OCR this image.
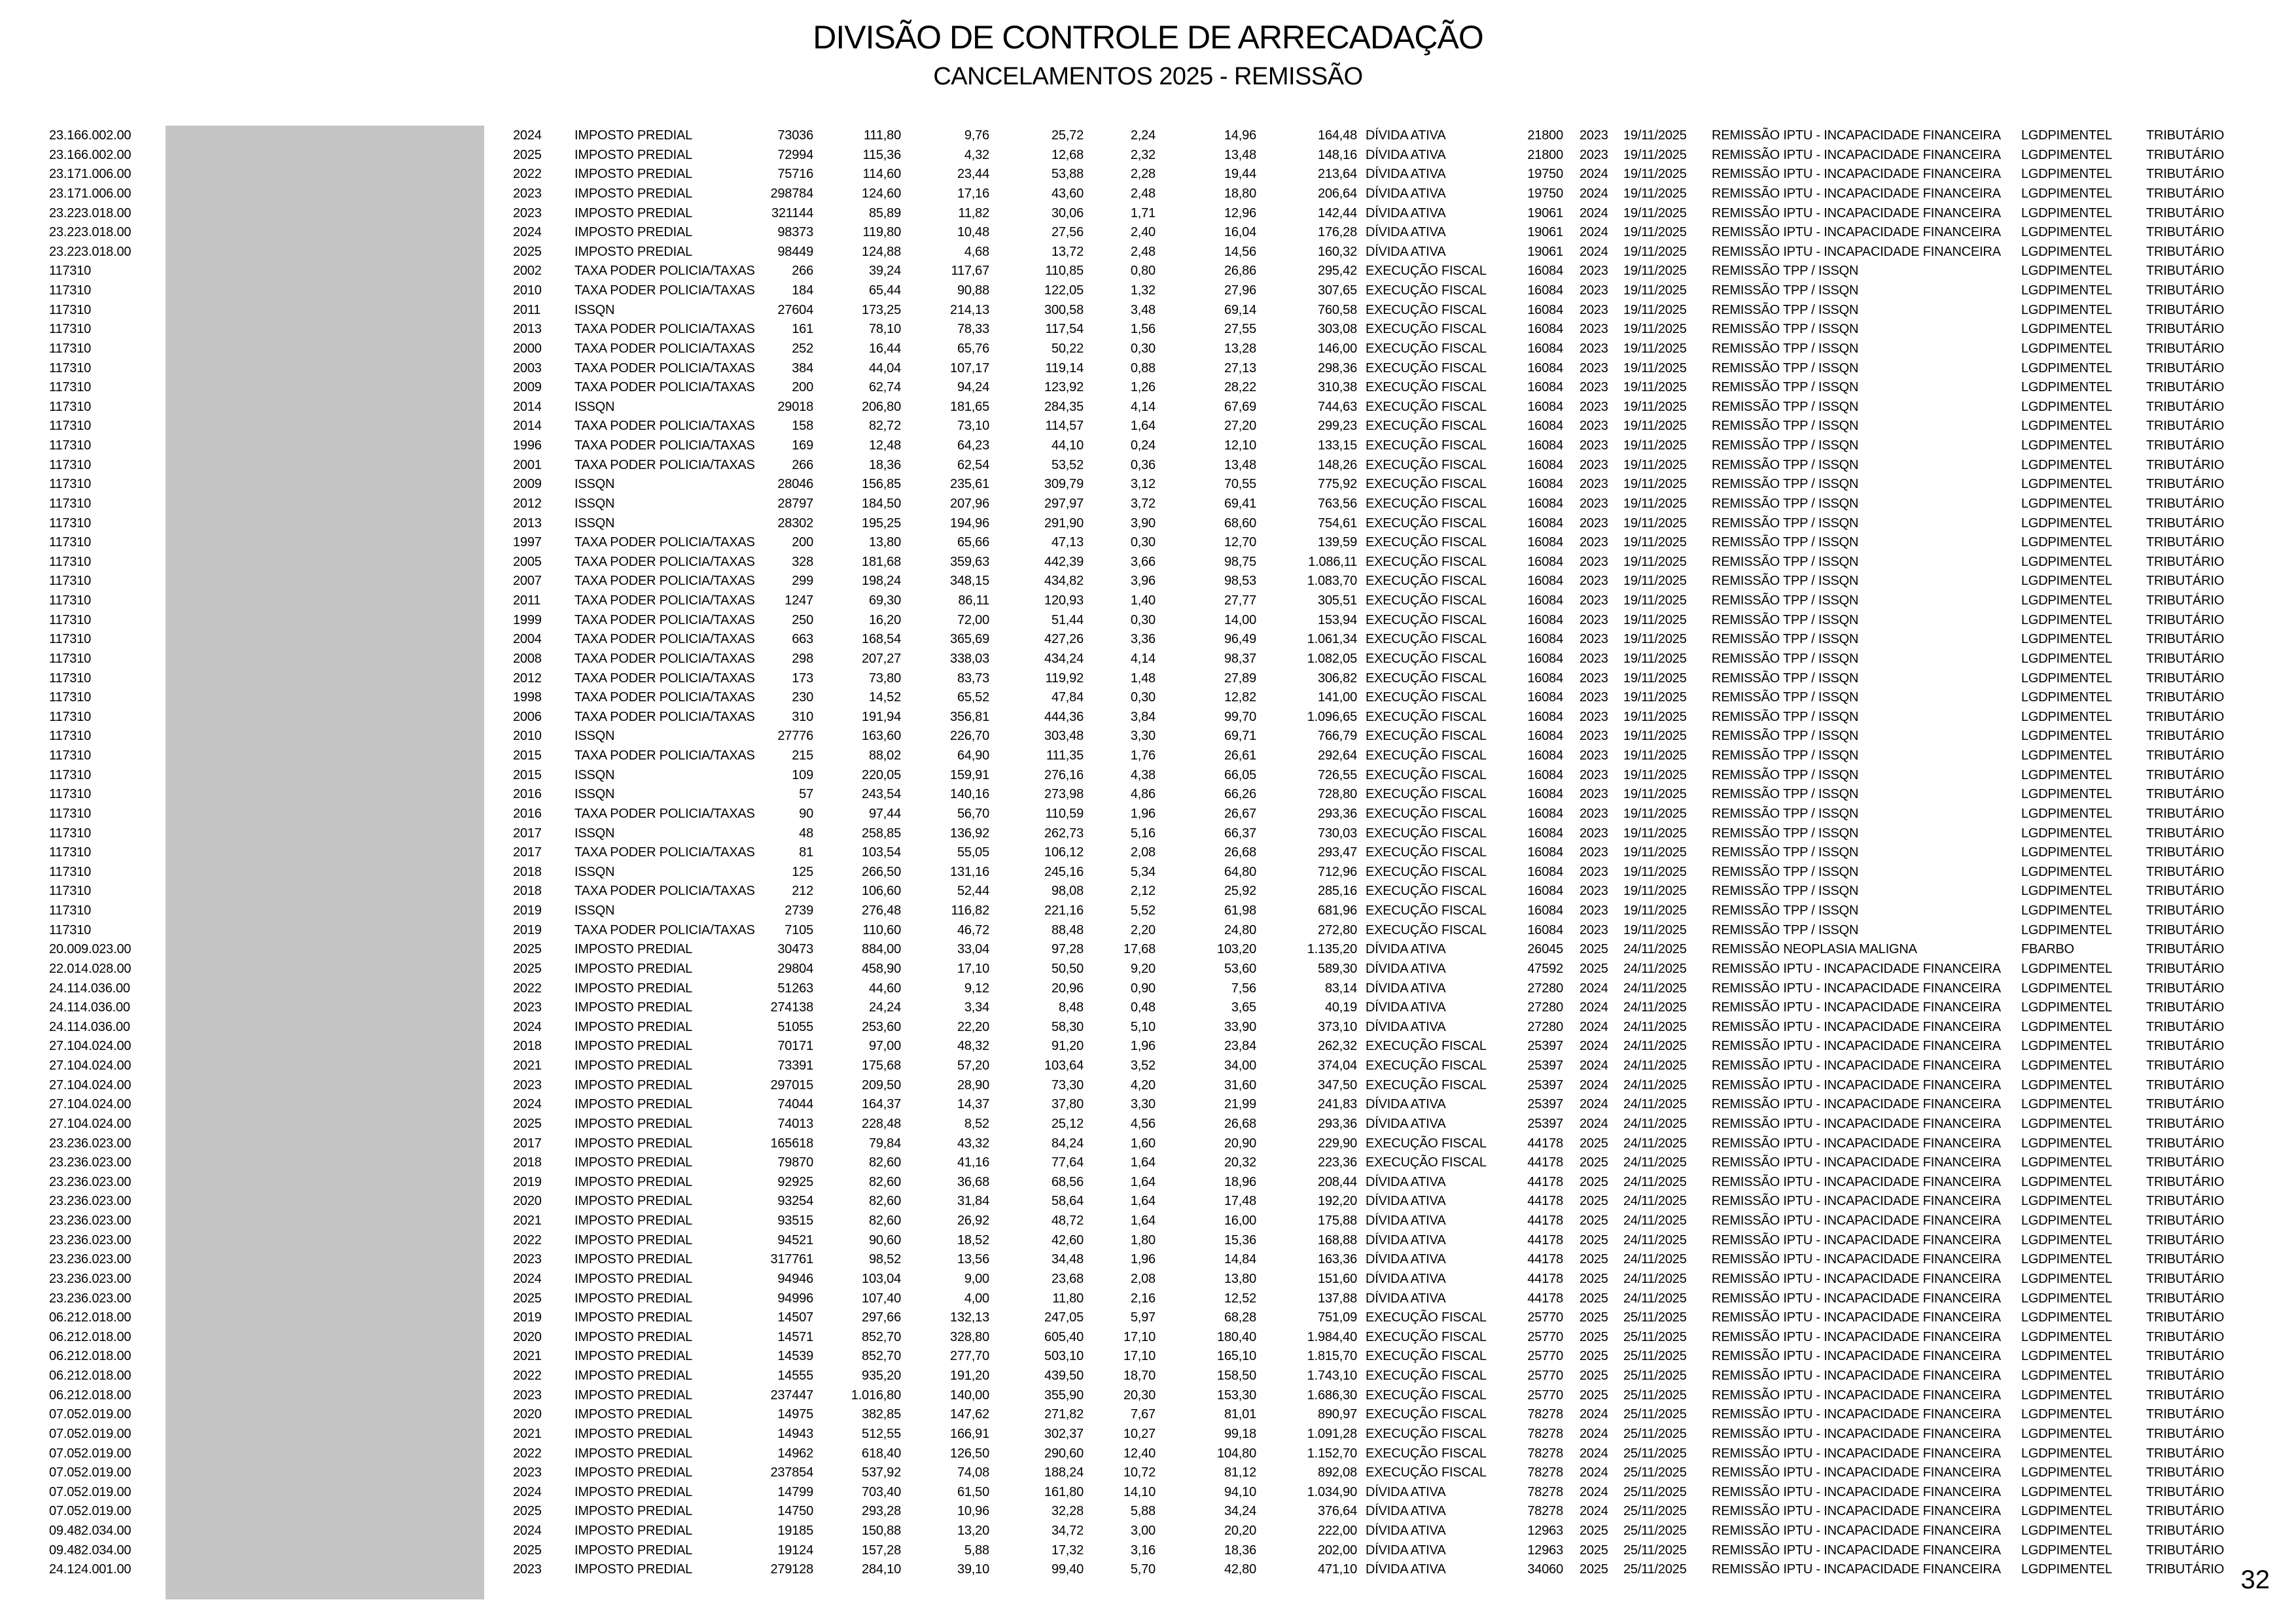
DIVISÃO DE CONTROLE DE ARRECADAÇÃO
CANCELAMENTOS 2025 - REMISSÃO
23.166.002.00	2024	IMPOSTO PREDIAL	73036	111,80	9,76	25,72	2,24	14,96	164,48 DÍVIDA ATIVA	21800 2023	19/11/2025	REMISSÃO IPTU - INCAPACIDADE FINANCEIRA	LGDPIMENTEL	TRIBUTÁRIO
23.166.002.00	2025	IMPOSTO PREDIAL	72994	115,36	4,32	12,68	2,32	13,48	148,16 DÍVIDA ATIVA	21800 2023	19/11/2025	REMISSÃO IPTU - INCAPACIDADE FINANCEIRA	LGDPIMENTEL	TRIBUTÁRIO
23.171.006.00	2022	IMPOSTO PREDIAL	75716	114,60	23,44	53,88	2,28	19,44	213,64 DÍVIDA ATIVA	19750 2024	19/11/2025	REMISSÃO IPTU - INCAPACIDADE FINANCEIRA	LGDPIMENTEL	TRIBUTÁRIO
23.171.006.00	2023	IMPOSTO PREDIAL	298784	124,60	17,16	43,60	2,48	18,80	206,64 DÍVIDA ATIVA	19750 2024	19/11/2025	REMISSÃO IPTU - INCAPACIDADE FINANCEIRA	LGDPIMENTEL	TRIBUTÁRIO
23.223.018.00	2023	IMPOSTO PREDIAL	321144	85,89	11,82	30,06	1,71	12,96	142,44 DÍVIDA ATIVA	19061 2024	19/11/2025	REMISSÃO IPTU - INCAPACIDADE FINANCEIRA	LGDPIMENTEL	TRIBUTÁRIO
23.223.018.00	2024	IMPOSTO PREDIAL	98373	119,80	10,48	27,56	2,40	16,04	176,28 DÍVIDA ATIVA	19061 2024	19/11/2025	REMISSÃO IPTU - INCAPACIDADE FINANCEIRA	LGDPIMENTEL	TRIBUTÁRIO
23.223.018.00	2025	IMPOSTO PREDIAL	98449	124,88	4,68	13,72	2,48	14,56	160,32 DÍVIDA ATIVA	19061 2024	19/11/2025	REMISSÃO IPTU - INCAPACIDADE FINANCEIRA	LGDPIMENTEL	TRIBUTÁRIO
117310	2002	TAXA PODER POLICIA/TAXAS	266	39,24	117,67	110,85	0,80	26,86	295,42 EXECUÇÃO FISCAL	16084 2023	19/11/2025	REMISSÃO TPP / ISSQN	LGDPIMENTEL	TRIBUTÁRIO
117310	2010	TAXA PODER POLICIA/TAXAS	184	65,44	90,88	122,05	1,32	27,96	307,65 EXECUÇÃO FISCAL	16084 2023	19/11/2025	REMISSÃO TPP / ISSQN	LGDPIMENTEL	TRIBUTÁRIO
117310	2011	ISSQN	27604	173,25	214,13	300,58	3,48	69,14	760,58 EXECUÇÃO FISCAL	16084 2023	19/11/2025	REMISSÃO TPP / ISSQN	LGDPIMENTEL	TRIBUTÁRIO
117310	2013	TAXA PODER POLICIA/TAXAS	161	78,10	78,33	117,54	1,56	27,55	303,08 EXECUÇÃO FISCAL	16084 2023	19/11/2025	REMISSÃO TPP / ISSQN	LGDPIMENTEL	TRIBUTÁRIO
117310	2000	TAXA PODER POLICIA/TAXAS	252	16,44	65,76	50,22	0,30	13,28	146,00 EXECUÇÃO FISCAL	16084 2023	19/11/2025	REMISSÃO TPP / ISSQN	LGDPIMENTEL	TRIBUTÁRIO
117310	2003	TAXA PODER POLICIA/TAXAS	384	44,04	107,17	119,14	0,88	27,13	298,36 EXECUÇÃO FISCAL	16084 2023	19/11/2025	REMISSÃO TPP / ISSQN	LGDPIMENTEL	TRIBUTÁRIO
117310	2009	TAXA PODER POLICIA/TAXAS	200	62,74	94,24	123,92	1,26	28,22	310,38 EXECUÇÃO FISCAL	16084 2023	19/11/2025	REMISSÃO TPP / ISSQN	LGDPIMENTEL	TRIBUTÁRIO
117310	2014	ISSQN	29018	206,80	181,65	284,35	4,14	67,69	744,63 EXECUÇÃO FISCAL	16084 2023	19/11/2025	REMISSÃO TPP / ISSQN	LGDPIMENTEL	TRIBUTÁRIO
117310	2014	TAXA PODER POLICIA/TAXAS	158	82,72	73,10	114,57	1,64	27,20	299,23 EXECUÇÃO FISCAL	16084 2023	19/11/2025	REMISSÃO TPP / ISSQN	LGDPIMENTEL	TRIBUTÁRIO
117310	1996	TAXA PODER POLICIA/TAXAS	169	12,48	64,23	44,10	0,24	12,10	133,15 EXECUÇÃO FISCAL	16084 2023	19/11/2025	REMISSÃO TPP / ISSQN	LGDPIMENTEL	TRIBUTÁRIO
117310	2001	TAXA PODER POLICIA/TAXAS	266	18,36	62,54	53,52	0,36	13,48	148,26 EXECUÇÃO FISCAL	16084 2023	19/11/2025	REMISSÃO TPP / ISSQN	LGDPIMENTEL	TRIBUTÁRIO
117310	2009	ISSQN	28046	156,85	235,61	309,79	3,12	70,55	775,92 EXECUÇÃO FISCAL	16084 2023	19/11/2025	REMISSÃO TPP / ISSQN	LGDPIMENTEL	TRIBUTÁRIO
117310	2012	ISSQN	28797	184,50	207,96	297,97	3,72	69,41	763,56 EXECUÇÃO FISCAL	16084 2023	19/11/2025	REMISSÃO TPP / ISSQN	LGDPIMENTEL	TRIBUTÁRIO
117310	2013	ISSQN	28302	195,25	194,96	291,90	3,90	68,60	754,61 EXECUÇÃO FISCAL	16084 2023	19/11/2025	REMISSÃO TPP / ISSQN	LGDPIMENTEL	TRIBUTÁRIO
117310	1997	TAXA PODER POLICIA/TAXAS	200	13,80	65,66	47,13	0,30	12,70	139,59 EXECUÇÃO FISCAL	16084 2023	19/11/2025	REMISSÃO TPP / ISSQN	LGDPIMENTEL	TRIBUTÁRIO
117310	2005	TAXA PODER POLICIA/TAXAS	328	181,68	359,63	442,39	3,66	98,75	1.086,11 EXECUÇÃO FISCAL	16084 2023	19/11/2025	REMISSÃO TPP / ISSQN	LGDPIMENTEL	TRIBUTÁRIO
117310	2007	TAXA PODER POLICIA/TAXAS	299	198,24	348,15	434,82	3,96	98,53	1.083,70 EXECUÇÃO FISCAL	16084 2023	19/11/2025	REMISSÃO TPP / ISSQN	LGDPIMENTEL	TRIBUTÁRIO
117310	2011	TAXA PODER POLICIA/TAXAS	1247	69,30	86,11	120,93	1,40	27,77	305,51 EXECUÇÃO FISCAL	16084 2023	19/11/2025	REMISSÃO TPP / ISSQN	LGDPIMENTEL	TRIBUTÁRIO
117310	1999	TAXA PODER POLICIA/TAXAS	250	16,20	72,00	51,44	0,30	14,00	153,94 EXECUÇÃO FISCAL	16084 2023	19/11/2025	REMISSÃO TPP / ISSQN	LGDPIMENTEL	TRIBUTÁRIO
117310	2004	TAXA PODER POLICIA/TAXAS	663	168,54	365,69	427,26	3,36	96,49	1.061,34 EXECUÇÃO FISCAL	16084 2023	19/11/2025	REMISSÃO TPP / ISSQN	LGDPIMENTEL	TRIBUTÁRIO
117310	2008	TAXA PODER POLICIA/TAXAS	298	207,27	338,03	434,24	4,14	98,37	1.082,05 EXECUÇÃO FISCAL	16084 2023	19/11/2025	REMISSÃO TPP / ISSQN	LGDPIMENTEL	TRIBUTÁRIO
117310	2012	TAXA PODER POLICIA/TAXAS	173	73,80	83,73	119,92	1,48	27,89	306,82 EXECUÇÃO FISCAL	16084 2023	19/11/2025	REMISSÃO TPP / ISSQN	LGDPIMENTEL	TRIBUTÁRIO
117310	1998	TAXA PODER POLICIA/TAXAS	230	14,52	65,52	47,84	0,30	12,82	141,00 EXECUÇÃO FISCAL	16084 2023	19/11/2025	REMISSÃO TPP / ISSQN	LGDPIMENTEL	TRIBUTÁRIO
117310	2006	TAXA PODER POLICIA/TAXAS	310	191,94	356,81	444,36	3,84	99,70	1.096,65 EXECUÇÃO FISCAL	16084 2023	19/11/2025	REMISSÃO TPP / ISSQN	LGDPIMENTEL	TRIBUTÁRIO
117310	2010	ISSQN	27776	163,60	226,70	303,48	3,30	69,71	766,79 EXECUÇÃO FISCAL	16084 2023	19/11/2025	REMISSÃO TPP / ISSQN	LGDPIMENTEL	TRIBUTÁRIO
117310	2015	TAXA PODER POLICIA/TAXAS	215	88,02	64,90	111,35	1,76	26,61	292,64 EXECUÇÃO FISCAL	16084 2023	19/11/2025	REMISSÃO TPP / ISSQN	LGDPIMENTEL	TRIBUTÁRIO
117310	2015	ISSQN	109	220,05	159,91	276,16	4,38	66,05	726,55 EXECUÇÃO FISCAL	16084 2023	19/11/2025	REMISSÃO TPP / ISSQN	LGDPIMENTEL	TRIBUTÁRIO
117310	2016	ISSQN	57	243,54	140,16	273,98	4,86	66,26	728,80 EXECUÇÃO FISCAL	16084 2023	19/11/2025	REMISSÃO TPP / ISSQN	LGDPIMENTEL	TRIBUTÁRIO
117310	2016	TAXA PODER POLICIA/TAXAS	90	97,44	56,70	110,59	1,96	26,67	293,36 EXECUÇÃO FISCAL	16084 2023	19/11/2025	REMISSÃO TPP / ISSQN	LGDPIMENTEL	TRIBUTÁRIO
117310	2017	ISSQN	48	258,85	136,92	262,73	5,16	66,37	730,03 EXECUÇÃO FISCAL	16084 2023	19/11/2025	REMISSÃO TPP / ISSQN	LGDPIMENTEL	TRIBUTÁRIO
117310	2017	TAXA PODER POLICIA/TAXAS	81	103,54	55,05	106,12	2,08	26,68	293,47 EXECUÇÃO FISCAL	16084 2023	19/11/2025	REMISSÃO TPP / ISSQN	LGDPIMENTEL	TRIBUTÁRIO
117310	2018	ISSQN	125	266,50	131,16	245,16	5,34	64,80	712,96 EXECUÇÃO FISCAL	16084 2023	19/11/2025	REMISSÃO TPP / ISSQN	LGDPIMENTEL	TRIBUTÁRIO
117310	2018	TAXA PODER POLICIA/TAXAS	212	106,60	52,44	98,08	2,12	25,92	285,16 EXECUÇÃO FISCAL	16084 2023	19/11/2025	REMISSÃO TPP / ISSQN	LGDPIMENTEL	TRIBUTÁRIO
117310	2019	ISSQN	2739	276,48	116,82	221,16	5,52	61,98	681,96 EXECUÇÃO FISCAL	16084 2023	19/11/2025	REMISSÃO TPP / ISSQN	LGDPIMENTEL	TRIBUTÁRIO
117310	2019	TAXA PODER POLICIA/TAXAS	7105	110,60	46,72	88,48	2,20	24,80	272,80 EXECUÇÃO FISCAL	16084 2023	19/11/2025	REMISSÃO TPP / ISSQN	LGDPIMENTEL	TRIBUTÁRIO
20.009.023.00	2025	IMPOSTO PREDIAL	30473	884,00	33,04	97,28	17,68	103,20	1.135,20 DÍVIDA ATIVA	26045 2025	24/11/2025	REMISSÃO NEOPLASIA MALIGNA	FBARBO	TRIBUTÁRIO
22.014.028.00	2025	IMPOSTO PREDIAL	29804	458,90	17,10	50,50	9,20	53,60	589,30 DÍVIDA ATIVA	47592 2025	24/11/2025	REMISSÃO IPTU - INCAPACIDADE FINANCEIRA	LGDPIMENTEL	TRIBUTÁRIO
24.114.036.00	2022	IMPOSTO PREDIAL	51263	44,60	9,12	20,96	0,90	7,56	83,14 DÍVIDA ATIVA	27280 2024	24/11/2025	REMISSÃO IPTU - INCAPACIDADE FINANCEIRA	LGDPIMENTEL	TRIBUTÁRIO
24.114.036.00	2023	IMPOSTO PREDIAL	274138	24,24	3,34	8,48	0,48	3,65	40,19 DÍVIDA ATIVA	27280 2024	24/11/2025	REMISSÃO IPTU - INCAPACIDADE FINANCEIRA	LGDPIMENTEL	TRIBUTÁRIO
24.114.036.00	2024	IMPOSTO PREDIAL	51055	253,60	22,20	58,30	5,10	33,90	373,10 DÍVIDA ATIVA	27280 2024	24/11/2025	REMISSÃO IPTU - INCAPACIDADE FINANCEIRA	LGDPIMENTEL	TRIBUTÁRIO
27.104.024.00	2018	IMPOSTO PREDIAL	70171	97,00	48,32	91,20	1,96	23,84	262,32 EXECUÇÃO FISCAL	25397 2024	24/11/2025	REMISSÃO IPTU - INCAPACIDADE FINANCEIRA	LGDPIMENTEL	TRIBUTÁRIO
27.104.024.00	2021	IMPOSTO PREDIAL	73391	175,68	57,20	103,64	3,52	34,00	374,04 EXECUÇÃO FISCAL	25397 2024	24/11/2025	REMISSÃO IPTU - INCAPACIDADE FINANCEIRA	LGDPIMENTEL	TRIBUTÁRIO
27.104.024.00	2023	IMPOSTO PREDIAL	297015	209,50	28,90	73,30	4,20	31,60	347,50 EXECUÇÃO FISCAL	25397 2024	24/11/2025	REMISSÃO IPTU - INCAPACIDADE FINANCEIRA	LGDPIMENTEL	TRIBUTÁRIO
27.104.024.00	2024	IMPOSTO PREDIAL	74044	164,37	14,37	37,80	3,30	21,99	241,83 DÍVIDA ATIVA	25397 2024	24/11/2025	REMISSÃO IPTU - INCAPACIDADE FINANCEIRA	LGDPIMENTEL	TRIBUTÁRIO
27.104.024.00	2025	IMPOSTO PREDIAL	74013	228,48	8,52	25,12	4,56	26,68	293,36 DÍVIDA ATIVA	25397 2024	24/11/2025	REMISSÃO IPTU - INCAPACIDADE FINANCEIRA	LGDPIMENTEL	TRIBUTÁRIO
23.236.023.00	2017	IMPOSTO PREDIAL	165618	79,84	43,32	84,24	1,60	20,90	229,90 EXECUÇÃO FISCAL	44178 2025	24/11/2025	REMISSÃO IPTU - INCAPACIDADE FINANCEIRA	LGDPIMENTEL	TRIBUTÁRIO
23.236.023.00	2018	IMPOSTO PREDIAL	79870	82,60	41,16	77,64	1,64	20,32	223,36 EXECUÇÃO FISCAL	44178 2025	24/11/2025	REMISSÃO IPTU - INCAPACIDADE FINANCEIRA	LGDPIMENTEL	TRIBUTÁRIO
23.236.023.00	2019	IMPOSTO PREDIAL	92925	82,60	36,68	68,56	1,64	18,96	208,44 DÍVIDA ATIVA	44178 2025	24/11/2025	REMISSÃO IPTU - INCAPACIDADE FINANCEIRA	LGDPIMENTEL	TRIBUTÁRIO
23.236.023.00	2020	IMPOSTO PREDIAL	93254	82,60	31,84	58,64	1,64	17,48	192,20 DÍVIDA ATIVA	44178 2025	24/11/2025	REMISSÃO IPTU - INCAPACIDADE FINANCEIRA	LGDPIMENTEL	TRIBUTÁRIO
23.236.023.00	2021	IMPOSTO PREDIAL	93515	82,60	26,92	48,72	1,64	16,00	175,88 DÍVIDA ATIVA	44178 2025	24/11/2025	REMISSÃO IPTU - INCAPACIDADE FINANCEIRA	LGDPIMENTEL	TRIBUTÁRIO
23.236.023.00	2022	IMPOSTO PREDIAL	94521	90,60	18,52	42,60	1,80	15,36	168,88 DÍVIDA ATIVA	44178 2025	24/11/2025	REMISSÃO IPTU - INCAPACIDADE FINANCEIRA	LGDPIMENTEL	TRIBUTÁRIO
23.236.023.00	2023	IMPOSTO PREDIAL	317761	98,52	13,56	34,48	1,96	14,84	163,36 DÍVIDA ATIVA	44178 2025	24/11/2025	REMISSÃO IPTU - INCAPACIDADE FINANCEIRA	LGDPIMENTEL	TRIBUTÁRIO
23.236.023.00	2024	IMPOSTO PREDIAL	94946	103,04	9,00	23,68	2,08	13,80	151,60 DÍVIDA ATIVA	44178 2025	24/11/2025	REMISSÃO IPTU - INCAPACIDADE FINANCEIRA	LGDPIMENTEL	TRIBUTÁRIO
23.236.023.00	2025	IMPOSTO PREDIAL	94996	107,40	4,00	11,80	2,16	12,52	137,88 DÍVIDA ATIVA	44178 2025	24/11/2025	REMISSÃO IPTU - INCAPACIDADE FINANCEIRA	LGDPIMENTEL	TRIBUTÁRIO
06.212.018.00	2019	IMPOSTO PREDIAL	14507	297,66	132,13	247,05	5,97	68,28	751,09 EXECUÇÃO FISCAL	25770 2025	25/11/2025	REMISSÃO IPTU - INCAPACIDADE FINANCEIRA	LGDPIMENTEL	TRIBUTÁRIO
06.212.018.00	2020	IMPOSTO PREDIAL	14571	852,70	328,80	605,40	17,10	180,40	1.984,40 EXECUÇÃO FISCAL	25770 2025	25/11/2025	REMISSÃO IPTU - INCAPACIDADE FINANCEIRA	LGDPIMENTEL	TRIBUTÁRIO
06.212.018.00	2021	IMPOSTO PREDIAL	14539	852,70	277,70	503,10	17,10	165,10	1.815,70 EXECUÇÃO FISCAL	25770 2025	25/11/2025	REMISSÃO IPTU - INCAPACIDADE FINANCEIRA	LGDPIMENTEL	TRIBUTÁRIO
06.212.018.00	2022	IMPOSTO PREDIAL	14555	935,20	191,20	439,50	18,70	158,50	1.743,10 EXECUÇÃO FISCAL	25770 2025	25/11/2025	REMISSÃO IPTU - INCAPACIDADE FINANCEIRA	LGDPIMENTEL	TRIBUTÁRIO
06.212.018.00	2023	IMPOSTO PREDIAL	237447	1.016,80	140,00	355,90	20,30	153,30	1.686,30 EXECUÇÃO FISCAL	25770 2025	25/11/2025	REMISSÃO IPTU - INCAPACIDADE FINANCEIRA	LGDPIMENTEL	TRIBUTÁRIO
07.052.019.00	2020	IMPOSTO PREDIAL	14975	382,85	147,62	271,82	7,67	81,01	890,97 EXECUÇÃO FISCAL	78278 2024	25/11/2025	REMISSÃO IPTU - INCAPACIDADE FINANCEIRA	LGDPIMENTEL	TRIBUTÁRIO
07.052.019.00	2021	IMPOSTO PREDIAL	14943	512,55	166,91	302,37	10,27	99,18	1.091,28 EXECUÇÃO FISCAL	78278 2024	25/11/2025	REMISSÃO IPTU - INCAPACIDADE FINANCEIRA	LGDPIMENTEL	TRIBUTÁRIO
07.052.019.00	2022	IMPOSTO PREDIAL	14962	618,40	126,50	290,60	12,40	104,80	1.152,70 EXECUÇÃO FISCAL	78278 2024	25/11/2025	REMISSÃO IPTU - INCAPACIDADE FINANCEIRA	LGDPIMENTEL	TRIBUTÁRIO
07.052.019.00	2023	IMPOSTO PREDIAL	237854	537,92	74,08	188,24	10,72	81,12	892,08 EXECUÇÃO FISCAL	78278 2024	25/11/2025	REMISSÃO IPTU - INCAPACIDADE FINANCEIRA	LGDPIMENTEL	TRIBUTÁRIO
07.052.019.00	2024	IMPOSTO PREDIAL	14799	703,40	61,50	161,80	14,10	94,10	1.034,90 DÍVIDA ATIVA	78278 2024	25/11/2025	REMISSÃO IPTU - INCAPACIDADE FINANCEIRA	LGDPIMENTEL	TRIBUTÁRIO
07.052.019.00	2025	IMPOSTO PREDIAL	14750	293,28	10,96	32,28	5,88	34,24	376,64 DÍVIDA ATIVA	78278 2024	25/11/2025	REMISSÃO IPTU - INCAPACIDADE FINANCEIRA	LGDPIMENTEL	TRIBUTÁRIO
09.482.034.00	2024	IMPOSTO PREDIAL	19185	150,88	13,20	34,72	3,00	20,20	222,00 DÍVIDA ATIVA	12963 2025	25/11/2025	REMISSÃO IPTU - INCAPACIDADE FINANCEIRA	LGDPIMENTEL	TRIBUTÁRIO
09.482.034.00	2025	IMPOSTO PREDIAL	19124	157,28	5,88	17,32	3,16	18,36	202,00 DÍVIDA ATIVA	12963 2025	25/11/2025	REMISSÃO IPTU - INCAPACIDADE FINANCEIRA	LGDPIMENTEL	TRIBUTÁRIO
24.124.001.00	2023	IMPOSTO PREDIAL	279128	284,10	39,10	99,40	5,70	42,80	471,10 DÍVIDA ATIVA	34060 2025	25/11/2025	REMISSÃO IPTU - INCAPACIDADE FINANCEIRA	LGDPIMENTEL	TRIBUTÁRIO 32
